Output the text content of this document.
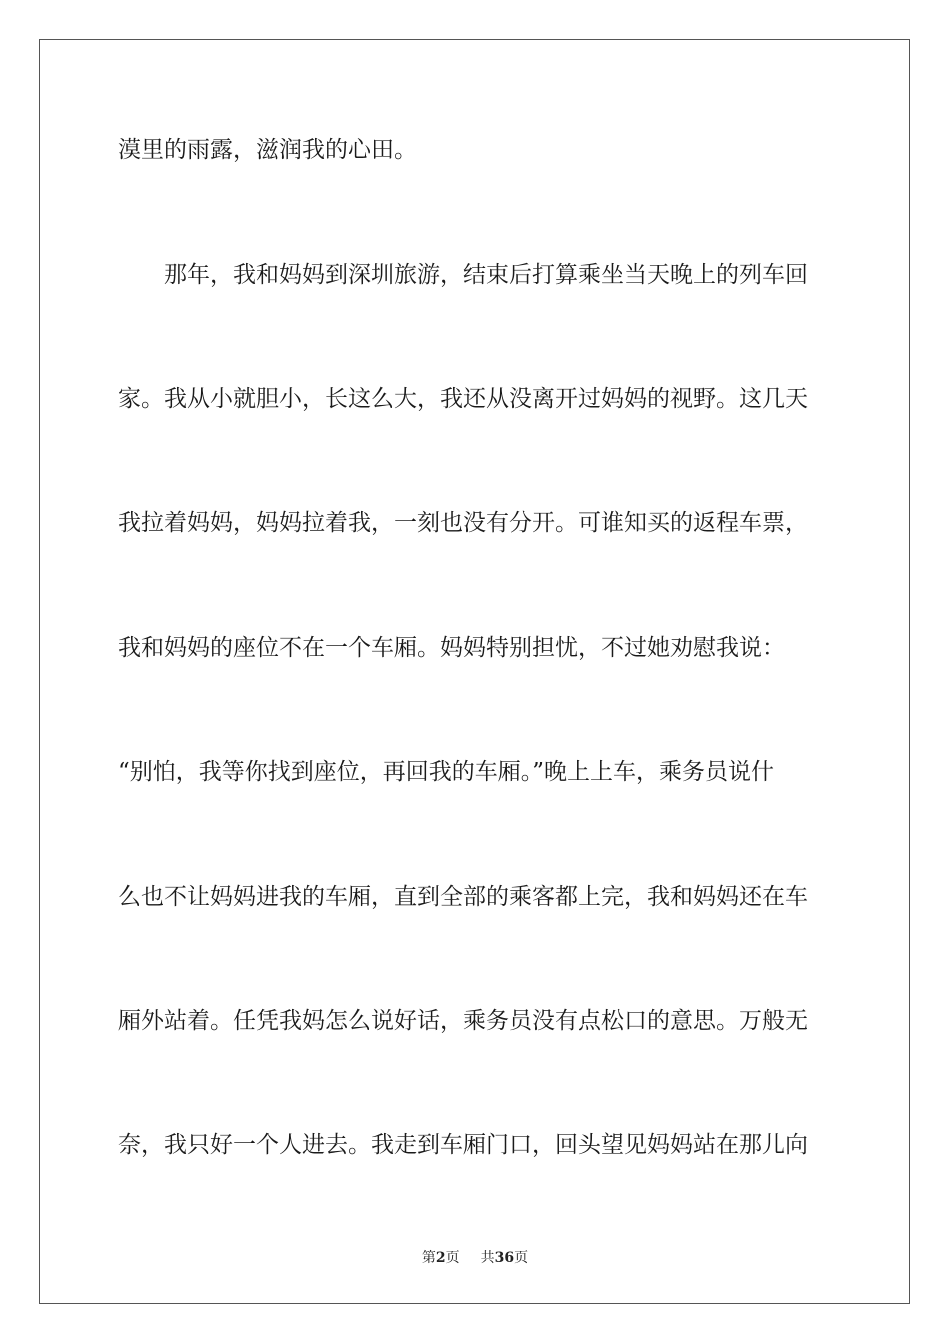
漠里的雨露，滋润我的心田。
　　那年，我和妈妈到深圳旅游，结束后打算乘坐当天晚上的列车回
家。我从小就胆小，长这么大，我还从没离开过妈妈的视野。这几天
我拉着妈妈，妈妈拉着我，一刻也没有分开。可谁知买的返程车票，
我和妈妈的座位不在一个车厢。妈妈特别担忧，不过她劝慰我说：
“别怕，我等你找到座位，再回我的车厢。”晚上上车，乘务员说什
么也不让妈妈进我的车厢，直到全部的乘客都上完，我和妈妈还在车
厢外站着。任凭我妈怎么说好话，乘务员没有点松口的意思。万般无
奈，我只好一个人进去。我走到车厢门口，回头望见妈妈站在那儿向
第2页 共36页
